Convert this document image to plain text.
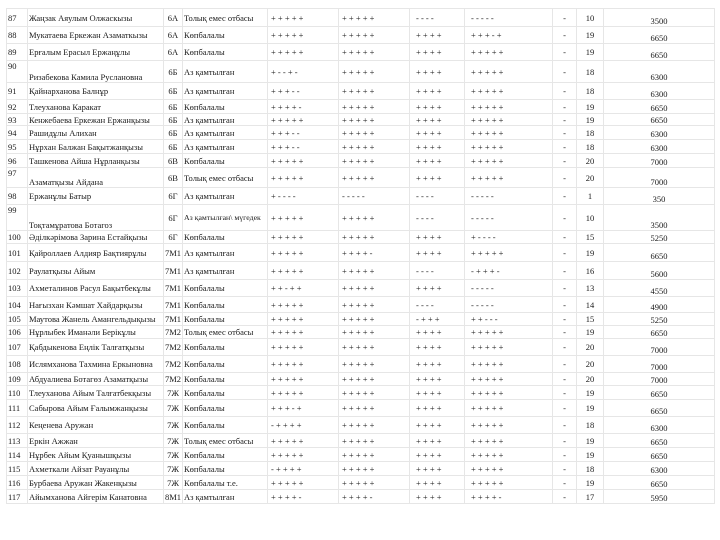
87	Жаңзак Аяулым Олжаскызы	6А	Толық емес отбасы	+ + + + +	+ + + + +	- - - -	- - - - -	-	10	3500
88	Мукатаева Еркежан Азаматкызы	6А	Көпбалалы	+ + + + +	+ + + + +	+ + + +	+ + + - +	-	19	6650
89	Ерғалым Ерасыл Ержаңұлы	6А	Көпбалалы	+ + + + +	+ + + + +	+ + + +	+ + + + +	-	19	6650
90	Ризабекова Камила Руслановна	6Б	Аз қамтылған	+ - - + -	+ + + + +	+ + + +	+ + + + +	-	18	6300
91	Қайнарханова Балнұр	6Б	Аз қамтылған	+ + + - -	+ + + + +	+ + + +	+ + + + +	-	18	6300
92	Тлеуханова Каракат	6Б	Көпбалалы	+ + + + -	+ + + + +	+ + + +	+ + + + +	-	19	6650
93	Кенжебаева Еркежан Ержанқызы	6Б	Аз қамтылған	+ + + + +	+ + + + +	+ + + +	+ + + + +	-	19	6650
94	Рашидұлы Алихан	6Б	Аз қамтылған	+ + + - -	+ + + + +	+ + + +	+ + + + +	-	18	6300
95	Нұрхан Балжан Бақытжанқызы	6Б	Аз қамтылған	+ + + - -	+ + + + +	+ + + +	+ + + + +	-	18	6300
96	Ташкенова Айша Нұрланқызы	6В	Көпбалалы	+ + + + +	+ + + + +	+ + + +	+ + + + +	-	20	7000
97	Азаматқызы Айдана	6В	Толық емес отбасы	+ + + + +	+ + + + +	+ + + +	+ + + + +	-	20	7000
98	Ержанұлы Батыр	6Г	Аз қамтылған	+ - - - -	- - - - -	- - - -	- - - - -	-	1	350
99	Тоқтамұратова Ботагоз	6Г	Аз қамтылған\ мүгедек	+ + + + +	+ + + + +	- - - -	- - - - -	-	10	3500
100	Әділкәрімова Зарина Естайқызы	6Г	Көпбалалы	+ + + + +	+ + + + +	+ + + +	+ - - - -	-	15	5250
101	Қайроллаев Алдияр Бақтиярұлы	7М1	Аз қамтылған	+ + + + +	+ + + + -	+ + + +	+ + + + +	-	19	6650
102	Раулатқызы Айым	7М1	Аз қамтылған	+ + + + +	+ + + + +	- - - -	- + + + -	-	16	5600
103	Ахметалинов Расул Бақытбекұлы	7М1	Көпбалалы	+ + - + +	+ + + + +	+ + + +	- - - - -	-	13	4550
104	Нағызхан Кәмшат Хайдарқызы	7М1	Көпбалалы	+ + + + +	+ + + + +	- - - -	- - - - -	-	14	4900
105	Маутова Жанель Амангельдықызы	7М1	Көпбалалы	+ + + + +	+ + + + +	- + + +	+ + - - -	-	15	5250
106	Нұрлыбек Иманәли Берікұлы	7М2	Толық емес отбасы	+ + + + +	+ + + + +	+ + + +	+ + + + +	-	19	6650
107	Қабдыкенова Еңлік Талғатқызы	7М2	Көпбалалы	+ + + + +	+ + + + +	+ + + +	+ + + + +	-	20	7000
108	Ислямханова Тахмина Еркыновна	7М2	Көпбалалы	+ + + + +	+ + + + +	+ + + +	+ + + + +	-	20	7000
109	Абдуалиева Ботагөз Азаматқызы	7М2	Көпбалалы	+ + + + +	+ + + + +	+ + + +	+ + + + +	-	20	7000
110	Тлеуханова Айым Талғатбекқызы	7Ж	Көпбалалы	+ + + + +	+ + + + +	+ + + +	+ + + + +	-	19	6650
111	Сабырова Айым Ғалымжанқызы	7Ж	Көпбалалы	+ + + - +	+ + + + +	+ + + +	+ + + + +	-	19	6650
112	Кеңенева Аружан	7Ж	Көпбалалы	- + + + +	+ + + + +	+ + + +	+ + + + +	-	18	6300
113	Еркін Ажжан	7Ж	Толық емес отбасы	+ + + + +	+ + + + +	+ + + +	+ + + + +	-	19	6650
114	Нұрбек Айым Қуанышқызы	7Ж	Көпбалалы	+ + + + +	+ + + + +	+ + + +	+ + + + +	-	19	6650
115	Ахметкали Айзат Рауанұлы	7Ж	Көпбалалы	- + + + +	+ + + + +	+ + + +	+ + + + +	-	18	6300
116	Бурбаева Аружан Жакенқызы	7Ж	Көпбалалы т.е.	+ + + + +	+ + + + +	+ + + +	+ + + + +	-	19	6650
117	Айымханова Айгерім Канатовна	8М1	Аз қамтылған	+ + + + -	+ + + + -	+ + + +	+ + + + -	-	17	5950
